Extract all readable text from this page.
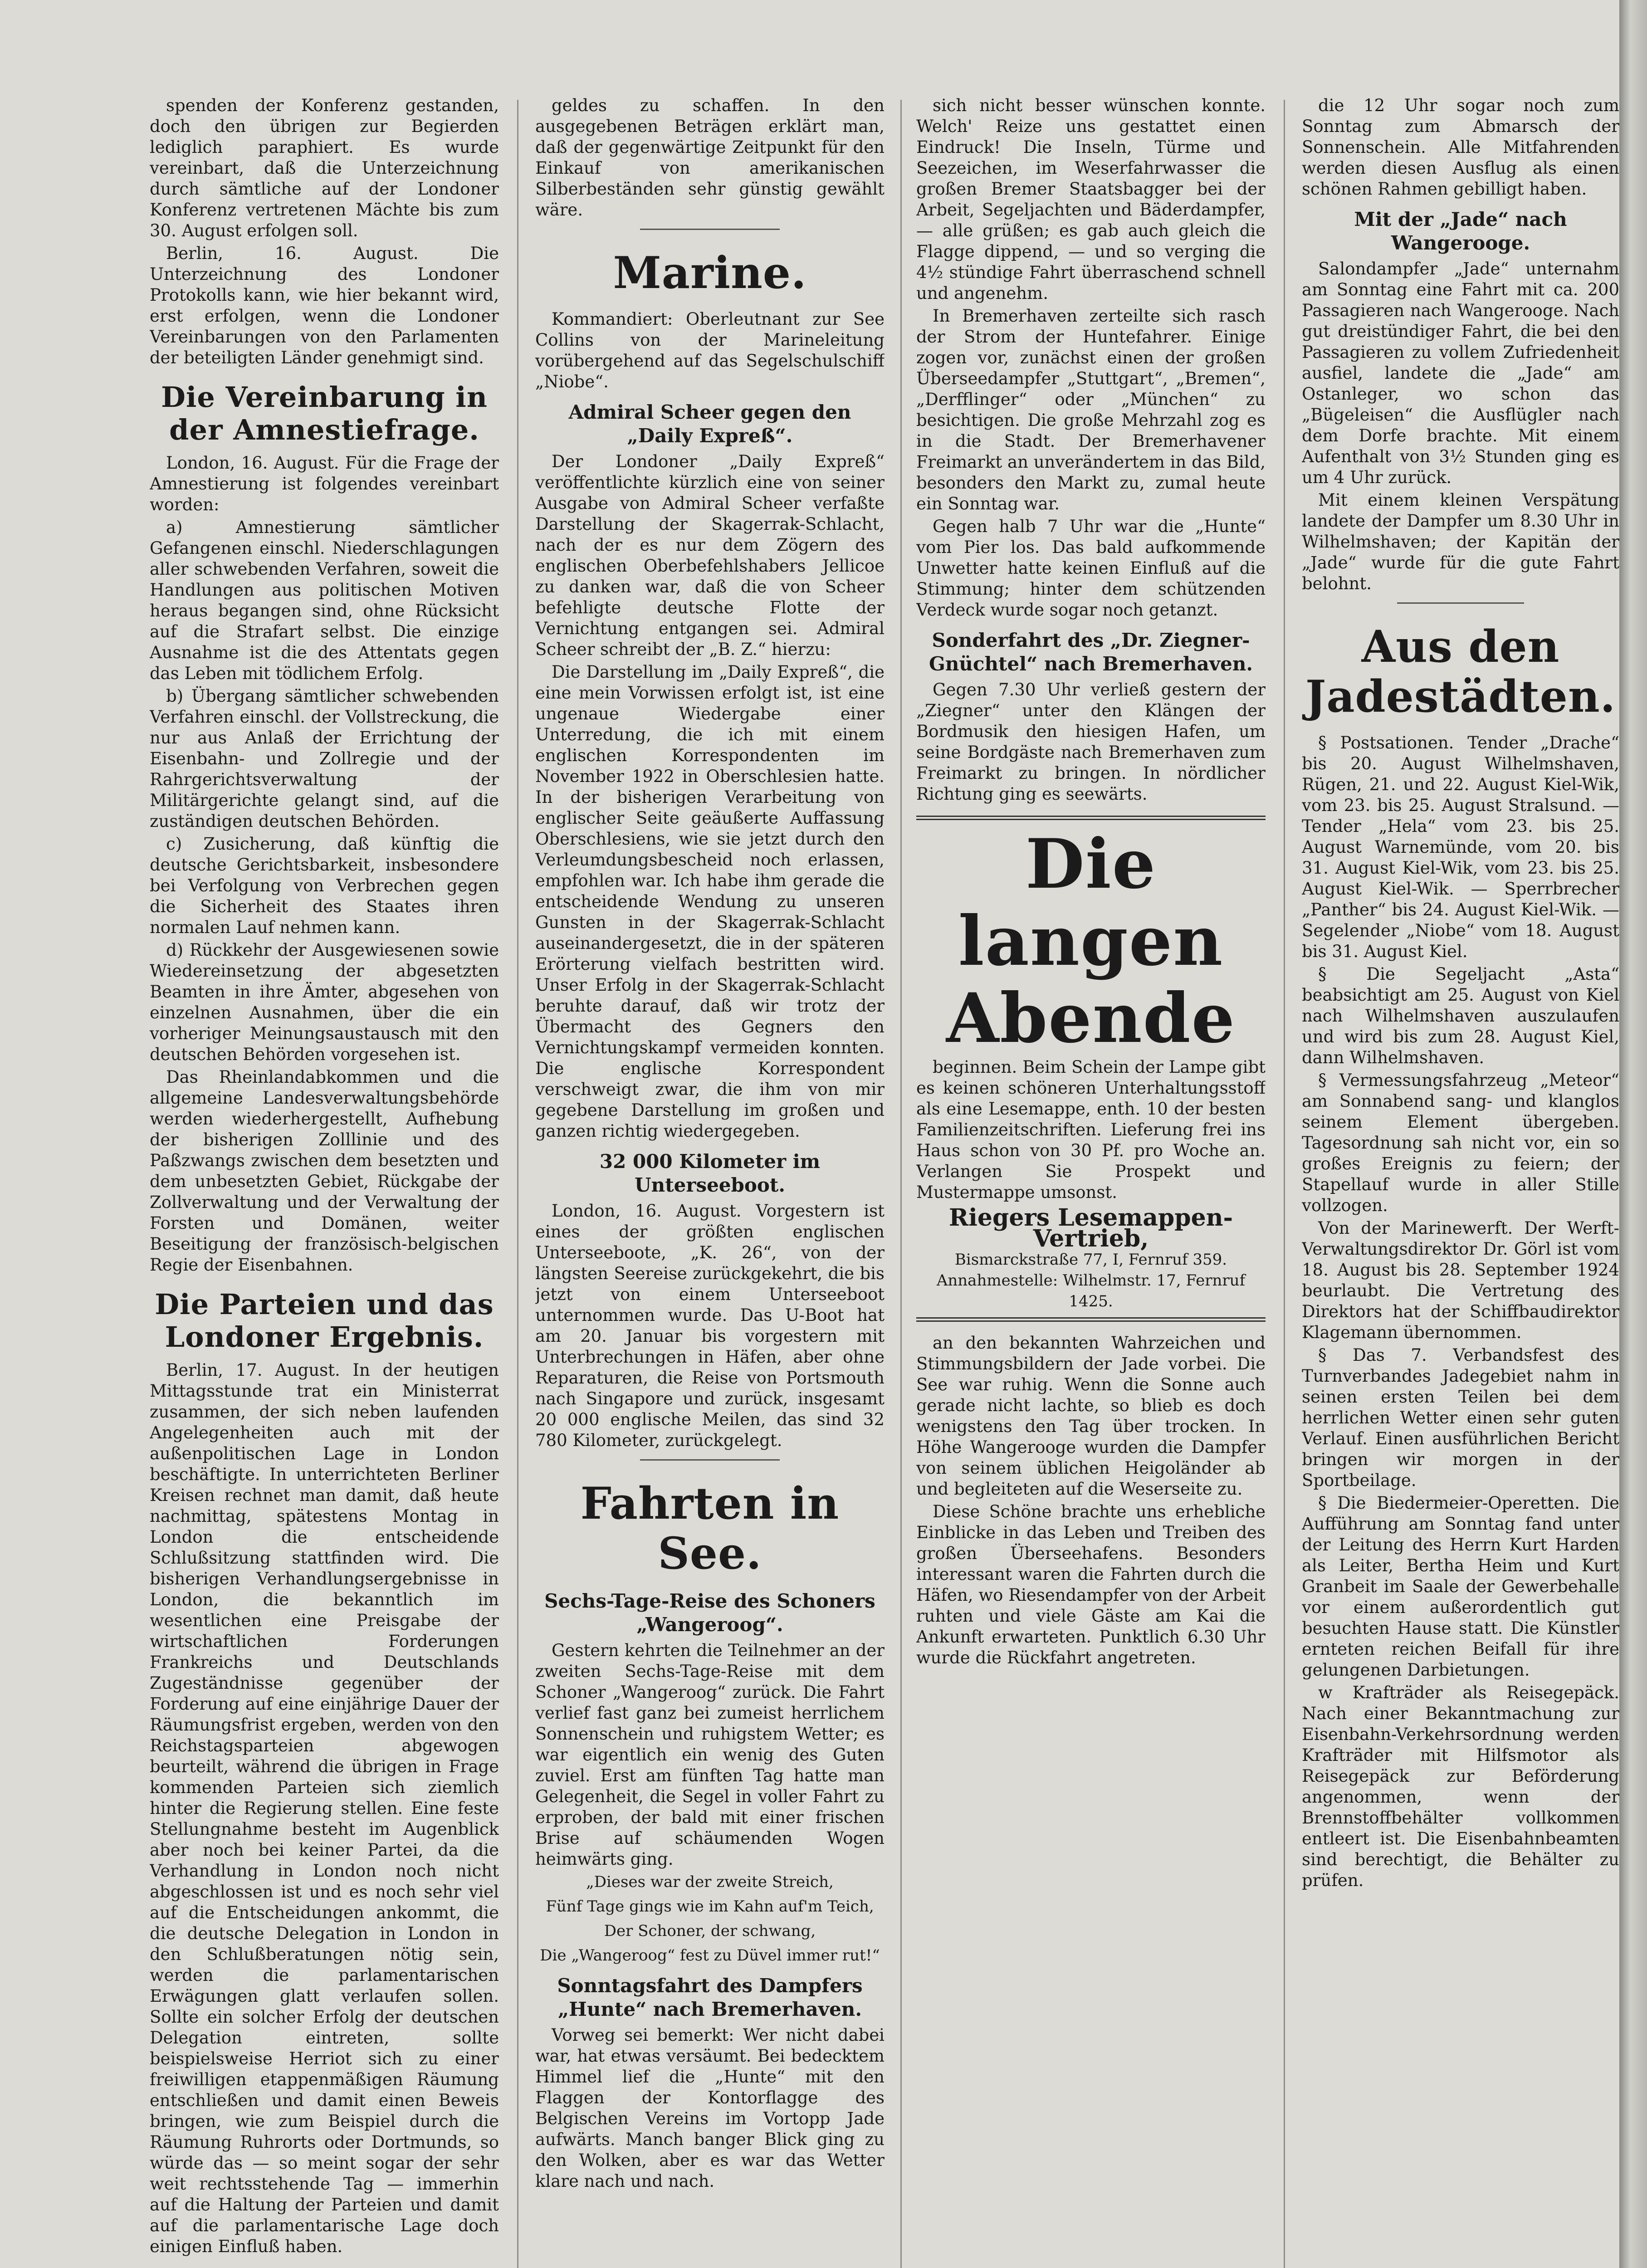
spenden der Konferenz gestanden, doch den übrigen zur Begierden lediglich paraphiert. Es wurde vereinbart, daß die Unterzeichnung durch sämtliche auf der Londoner Konferenz vertretenen Mächte bis zum 30. August erfolgen soll.

Berlin, 16. August. Die Unterzeichnung des Londoner Protokolls kann, wie hier bekannt wird, erst erfolgen, wenn die Londoner Vereinbarungen von den Parlamenten der beteiligten Länder genehmigt sind.

Die Vereinbarung in der Amnestiefrage.

London, 16. August. Für die Frage der Amnestierung ist folgendes vereinbart worden:

a) Amnestierung sämtlicher Gefangenen einschl. Niederschlagungen aller schwebenden Verfahren, soweit die Handlungen aus politischen Motiven heraus begangen sind, ohne Rücksicht auf die Strafart selbst. Die einzige Ausnahme ist die des Attentats gegen das Leben mit tödlichem Erfolg.

b) Übergang sämtlicher schwebenden Verfahren einschl. der Vollstreckung, die nur aus Anlaß der Errichtung der Eisenbahn- und Zollregie und der Rahrgerichtsverwaltung der Militärgerichte gelangt sind, auf die zuständigen deutschen Behörden.

c) Zusicherung, daß künftig die deutsche Gerichtsbarkeit, insbesondere bei Verfolgung von Verbrechen gegen die Sicherheit des Staates ihren normalen Lauf nehmen kann.

d) Rückkehr der Ausgewiesenen sowie Wiedereinsetzung der abgesetzten Beamten in ihre Ämter, abgesehen von einzelnen Ausnahmen, über die ein vorheriger Meinungsaustausch mit den deutschen Behörden vorgesehen ist.

Das Rheinlandabkommen und die allgemeine Landesverwaltungsbehörde werden wiederhergestellt, Aufhebung der bisherigen Zolllinie und des Paßzwangs zwischen dem besetzten und dem unbesetzten Gebiet, Rückgabe der Zollverwaltung und der Verwaltung der Forsten und Domänen, weiter Beseitigung der französisch-belgischen Regie der Eisenbahnen.

Die Parteien und das Londoner Ergebnis.

Berlin, 17. August. In der heutigen Mittagsstunde trat ein Ministerrat zusammen, der sich neben laufenden Angelegenheiten auch mit der außenpolitischen Lage in London beschäftigte. In unterrichteten Berliner Kreisen rechnet man damit, daß heute nachmittag, spätestens Montag in London die entscheidende Schlußsitzung stattfinden wird. Die bisherigen Verhandlungsergebnisse in London, die bekanntlich im wesentlichen eine Preisgabe der wirtschaftlichen Forderungen Frankreichs und Deutschlands Zugeständnisse gegenüber der Forderung auf eine einjährige Dauer der Räumungsfrist ergeben, werden von den Reichstagsparteien abgewogen beurteilt, während die übrigen in Frage kommenden Parteien sich ziemlich hinter die Regierung stellen. Eine feste Stellungnahme besteht im Augenblick aber noch bei keiner Partei, da die Verhandlung in London noch nicht abgeschlossen ist und es noch sehr viel auf die Entscheidungen ankommt, die die deutsche Delegation in London in den Schlußberatungen nötig sein, werden die parlamentarischen Erwägungen glatt verlaufen sollen. Sollte ein solcher Erfolg der deutschen Delegation eintreten, sollte beispielsweise Herriot sich zu einer freiwilligen etappenmäßigen Räumung entschließen und damit einen Beweis bringen, wie zum Beispiel durch die Räumung Ruhrorts oder Dortmunds, so würde das — so meint sogar der sehr weit rechtsstehende Tag — immerhin auf die Haltung der Parteien und damit auf die parlamentarische Lage doch einigen Einfluß haben.

geldes zu schaffen. In den ausgegebenen Beträgen erklärt man, daß der gegenwärtige Zeitpunkt für den Einkauf von amerikanischen Silberbeständen sehr günstig gewählt wäre.

Marine.

Kommandiert: Oberleutnant zur See Collins von der Marineleitung vorübergehend auf das Segelschulschiff „Niobe“.

Admiral Scheer gegen den „Daily Expreß“.

Der Londoner „Daily Expreß“ veröffentlichte kürzlich eine von seiner Ausgabe von Admiral Scheer verfaßte Darstellung der Skagerrak-Schlacht, nach der es nur dem Zögern des englischen Oberbefehlshabers Jellicoe zu danken war, daß die von Scheer befehligte deutsche Flotte der Vernichtung entgangen sei. Admiral Scheer schreibt der „B. Z.“ hierzu:

Die Darstellung im „Daily Expreß“, die eine mein Vorwissen erfolgt ist, ist eine ungenaue Wiedergabe einer Unterredung, die ich mit einem englischen Korrespondenten im November 1922 in Oberschlesien hatte. In der bisherigen Verarbeitung von englischer Seite geäußerte Auffassung Oberschlesiens, wie sie jetzt durch den Verleumdungsbescheid noch erlassen, empfohlen war. Ich habe ihm gerade die entscheidende Wendung zu unseren Gunsten in der Skagerrak-Schlacht auseinandergesetzt, die in der späteren Erörterung vielfach bestritten wird. Unser Erfolg in der Skagerrak-Schlacht beruhte darauf, daß wir trotz der Übermacht des Gegners den Vernichtungskampf vermeiden konnten. Die englische Korrespondent verschweigt zwar, die ihm von mir gegebene Darstellung im großen und ganzen richtig wiedergegeben.

32 000 Kilometer im Unterseeboot.

London, 16. August. Vorgestern ist eines der größten englischen Unterseeboote, „K. 26“, von der längsten Seereise zurückgekehrt, die bis jetzt von einem Unterseeboot unternommen wurde. Das U-Boot hat am 20. Januar bis vorgestern mit Unterbrechungen in Häfen, aber ohne Reparaturen, die Reise von Portsmouth nach Singapore und zurück, insgesamt 20 000 englische Meilen, das sind 32 780 Kilometer, zurückgelegt.

Fahrten in See.
Sechs-Tage-Reise des Schoners „Wangeroog“.

Gestern kehrten die Teilnehmer an der zweiten Sechs-Tage-Reise mit dem Schoner „Wangeroog“ zurück. Die Fahrt verlief fast ganz bei zumeist herrlichem Sonnenschein und ruhigstem Wetter; es war eigentlich ein wenig des Guten zuviel. Erst am fünften Tag hatte man Gelegenheit, die Segel in voller Fahrt zu erproben, der bald mit einer frischen Brise auf schäumenden Wogen heimwärts ging.

„Dieses war der zweite Streich,
Fünf Tage gings wie im Kahn auf'm Teich,
Der Schoner, der schwang,
Die „Wangeroog“ fest zu Düvel immer rut!“
Sonntagsfahrt des Dampfers „Hunte“ nach Bremerhaven.

Vorweg sei bemerkt: Wer nicht dabei war, hat etwas versäumt. Bei bedecktem Himmel lief die „Hunte“ mit den Flaggen der Kontorflagge des Belgischen Vereins im Vortopp Jade aufwärts. Manch banger Blick ging zu den Wolken, aber es war das Wetter klare nach und nach.

sich nicht besser wünschen konnte. Welch' Reize uns gestattet einen Eindruck! Die Inseln, Türme und Seezeichen, im Weserfahrwasser die großen Bremer Staatsbagger bei der Arbeit, Segeljachten und Bäderdampfer, — alle grüßen; es gab auch gleich die Flagge dippend, — und so verging die 4½ stündige Fahrt überraschend schnell und angenehm.

In Bremerhaven zerteilte sich rasch der Strom der Huntefahrer. Einige zogen vor, zunächst einen der großen Überseedampfer „Stuttgart“, „Bremen“, „Derfflinger“ oder „München“ zu besichtigen. Die große Mehrzahl zog es in die Stadt. Der Bremerhavener Freimarkt an unverändertem in das Bild, besonders den Markt zu, zumal heute ein Sonntag war.

Gegen halb 7 Uhr war die „Hunte“ vom Pier los. Das bald aufkommende Unwetter hatte keinen Einfluß auf die Stimmung; hinter dem schützenden Verdeck wurde sogar noch getanzt.

Sonderfahrt des „Dr. Ziegner-Gnüchtel“ nach Bremerhaven.

Gegen 7.30 Uhr verließ gestern der „Ziegner“ unter den Klängen der Bordmusik den hiesigen Hafen, um seine Bordgäste nach Bremerhaven zum Freimarkt zu bringen. In nördlicher Richtung ging es seewärts.

Die langen Abende

beginnen. Beim Schein der Lampe gibt es keinen schöneren Unterhaltungsstoff als eine Lesemappe, enth. 10 der besten Familienzeitschriften. Lieferung frei ins Haus schon von 30 Pf. pro Woche an. Verlangen Sie Prospekt und Mustermappe umsonst.

Riegers Lesemappen-Vertrieb,
Bismarckstraße 77, I, Fernruf 359.
Annahmestelle: Wilhelmstr. 17, Fernruf 1425.

an den bekannten Wahrzeichen und Stimmungsbildern der Jade vorbei. Die See war ruhig. Wenn die Sonne auch gerade nicht lachte, so blieb es doch wenigstens den Tag über trocken. In Höhe Wangerooge wurden die Dampfer von seinem üblichen Heigoländer ab und begleiteten auf die Weserseite zu.

Diese Schöne brachte uns erhebliche Einblicke in das Leben und Treiben des großen Überseehafens. Besonders interessant waren die Fahrten durch die Häfen, wo Riesendampfer von der Arbeit ruhten und viele Gäste am Kai die Ankunft erwarteten. Punktlich 6.30 Uhr wurde die Rückfahrt angetreten.

die 12 Uhr sogar noch zum Sonntag zum Abmarsch der Sonnenschein. Alle Mitfahrenden werden diesen Ausflug als einen schönen Rahmen gebilligt haben.

Mit der „Jade“ nach Wangerooge.

Salondampfer „Jade“ unternahm am Sonntag eine Fahrt mit ca. 200 Passagieren nach Wangerooge. Nach gut dreistündiger Fahrt, die bei den Passagieren zu vollem Zufriedenheit ausfiel, landete die „Jade“ am Ostanleger, wo schon das „Bügeleisen“ die Ausflügler nach dem Dorfe brachte. Mit einem Aufenthalt von 3½ Stunden ging es um 4 Uhr zurück.

Mit einem kleinen Verspätung landete der Dampfer um 8.30 Uhr in Wilhelmshaven; der Kapitän der „Jade“ wurde für die gute Fahrt belohnt.

Aus den Jadestädten.

§ Postsationen. Tender „Drache“ bis 20. August Wilhelmshaven, Rügen, 21. und 22. August Kiel-Wik, vom 23. bis 25. August Stralsund. — Tender „Hela“ vom 23. bis 25. August Warnemünde, vom 20. bis 31. August Kiel-Wik, vom 23. bis 25. August Kiel-Wik. — Sperrbrecher „Panther“ bis 24. August Kiel-Wik. — Segelender „Niobe“ vom 18. August bis 31. August Kiel.

§ Die Segeljacht „Asta“ beabsichtigt am 25. August von Kiel nach Wilhelmshaven auszulaufen und wird bis zum 28. August Kiel, dann Wilhelmshaven.

§ Vermessungsfahrzeug „Meteor“ am Sonnabend sang- und klanglos seinem Element übergeben. Tagesordnung sah nicht vor, ein so großes Ereignis zu feiern; der Stapellauf wurde in aller Stille vollzogen.

Von der Marinewerft. Der Werft-Verwaltungsdirektor Dr. Görl ist vom 18. August bis 28. September 1924 beurlaubt. Die Vertretung des Direktors hat der Schiffbaudirektor Klagemann übernommen.

§ Das 7. Verbandsfest des Turnverbandes Jadegebiet nahm in seinen ersten Teilen bei dem herrlichen Wetter einen sehr guten Verlauf. Einen ausführlichen Bericht bringen wir morgen in der Sportbeilage.

§ Die Biedermeier-Operetten. Die Aufführung am Sonntag fand unter der Leitung des Herrn Kurt Harden als Leiter, Bertha Heim und Kurt Granbeit im Saale der Gewerbehalle vor einem außerordentlich gut besuchten Hause statt. Die Künstler ernteten reichen Beifall für ihre gelungenen Darbietungen.

w Krafträder als Reisegepäck. Nach einer Bekanntmachung zur Eisenbahn-Verkehrsordnung werden Krafträder mit Hilfsmotor als Reisegepäck zur Beförderung angenommen, wenn der Brennstoffbehälter vollkommen entleert ist. Die Eisenbahnbeamten sind berechtigt, die Behälter zu prüfen.
